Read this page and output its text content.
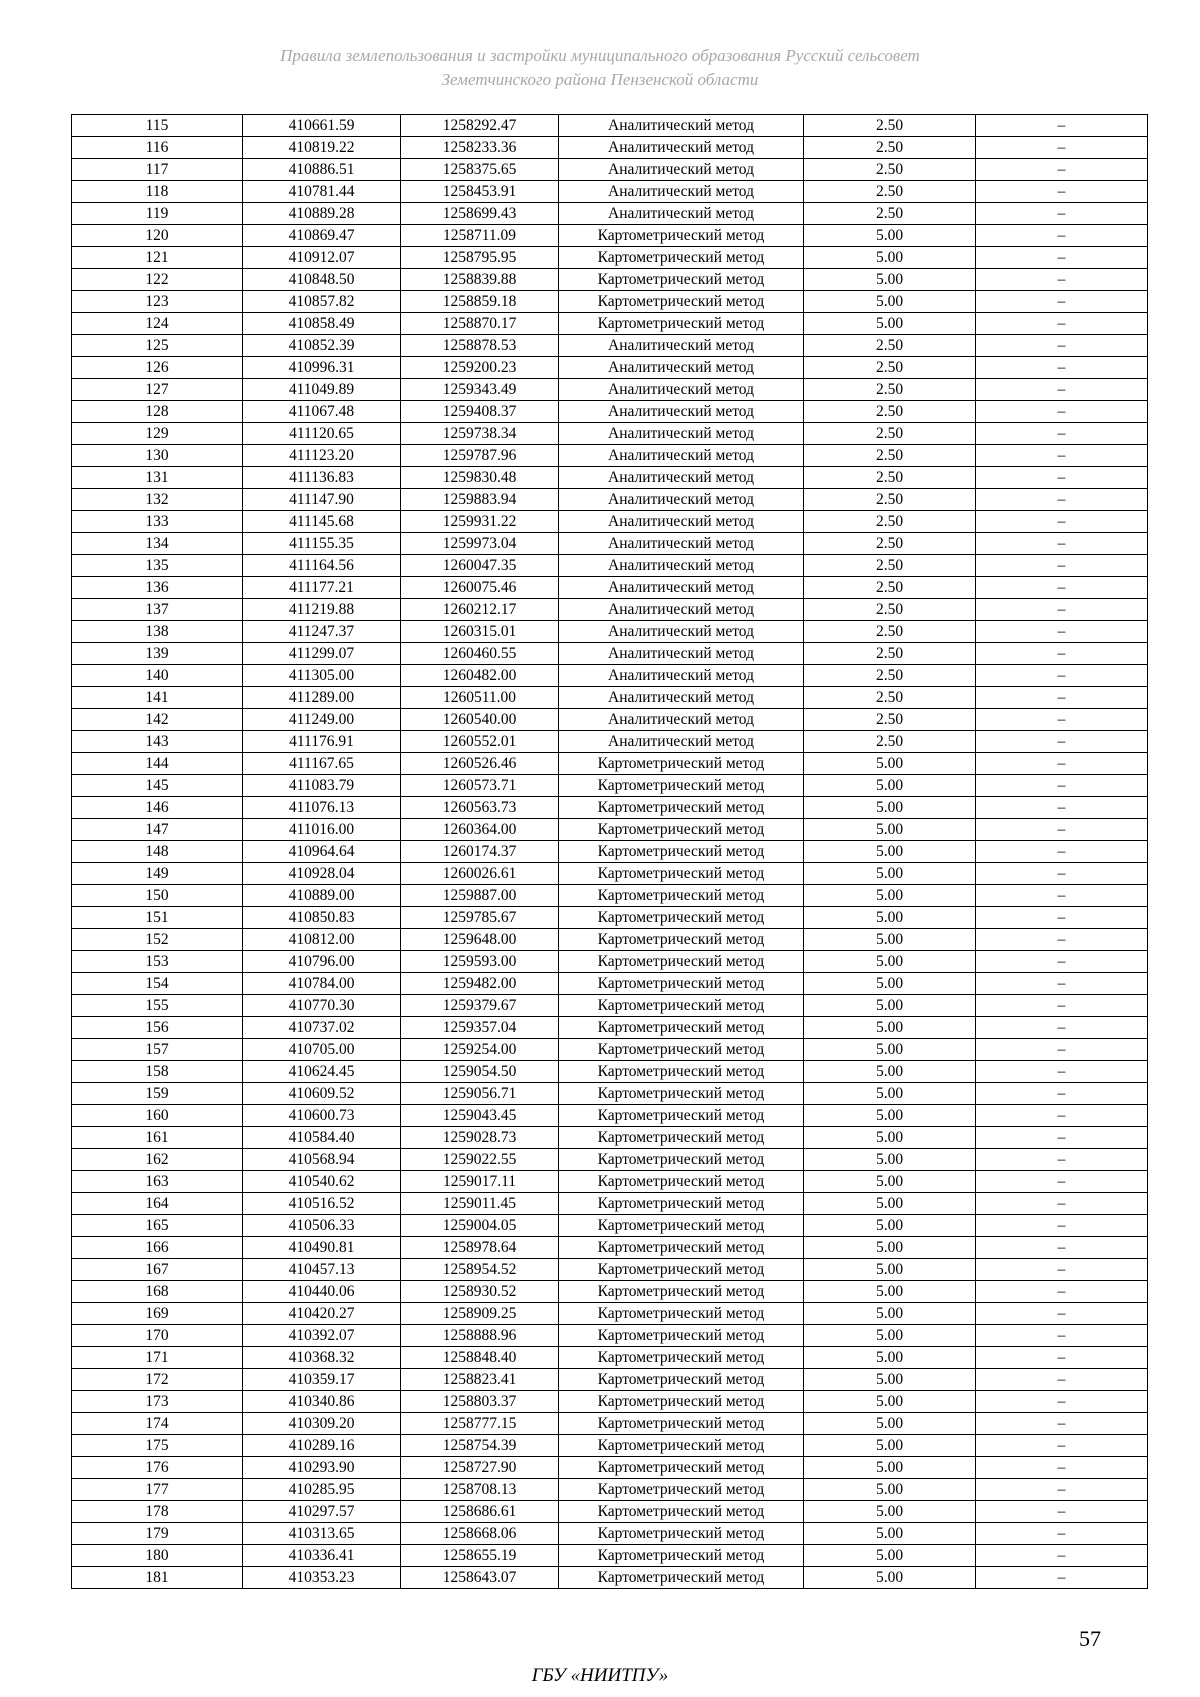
Правила землепользования и застройки муниципального образования Русский сельсовет
Земетчинского района Пензенской области
115	410661.59	1258292.47	Аналитический метод	2.50	–
116	410819.22	1258233.36	Аналитический метод	2.50	–
117	410886.51	1258375.65	Аналитический метод	2.50	–
118	410781.44	1258453.91	Аналитический метод	2.50	–
119	410889.28	1258699.43	Аналитический метод	2.50	–
120	410869.47	1258711.09	Картометрический метод	5.00	–
121	410912.07	1258795.95	Картометрический метод	5.00	–
122	410848.50	1258839.88	Картометрический метод	5.00	–
123	410857.82	1258859.18	Картометрический метод	5.00	–
124	410858.49	1258870.17	Картометрический метод	5.00	–
125	410852.39	1258878.53	Аналитический метод	2.50	–
126	410996.31	1259200.23	Аналитический метод	2.50	–
127	411049.89	1259343.49	Аналитический метод	2.50	–
128	411067.48	1259408.37	Аналитический метод	2.50	–
129	411120.65	1259738.34	Аналитический метод	2.50	–
130	411123.20	1259787.96	Аналитический метод	2.50	–
131	411136.83	1259830.48	Аналитический метод	2.50	–
132	411147.90	1259883.94	Аналитический метод	2.50	–
133	411145.68	1259931.22	Аналитический метод	2.50	–
134	411155.35	1259973.04	Аналитический метод	2.50	–
135	411164.56	1260047.35	Аналитический метод	2.50	–
136	411177.21	1260075.46	Аналитический метод	2.50	–
137	411219.88	1260212.17	Аналитический метод	2.50	–
138	411247.37	1260315.01	Аналитический метод	2.50	–
139	411299.07	1260460.55	Аналитический метод	2.50	–
140	411305.00	1260482.00	Аналитический метод	2.50	–
141	411289.00	1260511.00	Аналитический метод	2.50	–
142	411249.00	1260540.00	Аналитический метод	2.50	–
143	411176.91	1260552.01	Аналитический метод	2.50	–
144	411167.65	1260526.46	Картометрический метод	5.00	–
145	411083.79	1260573.71	Картометрический метод	5.00	–
146	411076.13	1260563.73	Картометрический метод	5.00	–
147	411016.00	1260364.00	Картометрический метод	5.00	–
148	410964.64	1260174.37	Картометрический метод	5.00	–
149	410928.04	1260026.61	Картометрический метод	5.00	–
150	410889.00	1259887.00	Картометрический метод	5.00	–
151	410850.83	1259785.67	Картометрический метод	5.00	–
152	410812.00	1259648.00	Картометрический метод	5.00	–
153	410796.00	1259593.00	Картометрический метод	5.00	–
154	410784.00	1259482.00	Картометрический метод	5.00	–
155	410770.30	1259379.67	Картометрический метод	5.00	–
156	410737.02	1259357.04	Картометрический метод	5.00	–
157	410705.00	1259254.00	Картометрический метод	5.00	–
158	410624.45	1259054.50	Картометрический метод	5.00	–
159	410609.52	1259056.71	Картометрический метод	5.00	–
160	410600.73	1259043.45	Картометрический метод	5.00	–
161	410584.40	1259028.73	Картометрический метод	5.00	–
162	410568.94	1259022.55	Картометрический метод	5.00	–
163	410540.62	1259017.11	Картометрический метод	5.00	–
164	410516.52	1259011.45	Картометрический метод	5.00	–
165	410506.33	1259004.05	Картометрический метод	5.00	–
166	410490.81	1258978.64	Картометрический метод	5.00	–
167	410457.13	1258954.52	Картометрический метод	5.00	–
168	410440.06	1258930.52	Картометрический метод	5.00	–
169	410420.27	1258909.25	Картометрический метод	5.00	–
170	410392.07	1258888.96	Картометрический метод	5.00	–
171	410368.32	1258848.40	Картометрический метод	5.00	–
172	410359.17	1258823.41	Картометрический метод	5.00	–
173	410340.86	1258803.37	Картометрический метод	5.00	–
174	410309.20	1258777.15	Картометрический метод	5.00	–
175	410289.16	1258754.39	Картометрический метод	5.00	–
176	410293.90	1258727.90	Картометрический метод	5.00	–
177	410285.95	1258708.13	Картометрический метод	5.00	–
178	410297.57	1258686.61	Картометрический метод	5.00	–
179	410313.65	1258668.06	Картометрический метод	5.00	–
180	410336.41	1258655.19	Картометрический метод	5.00	–
181	410353.23	1258643.07	Картометрический метод	5.00	–
57
ГБУ «НИИТПУ»
